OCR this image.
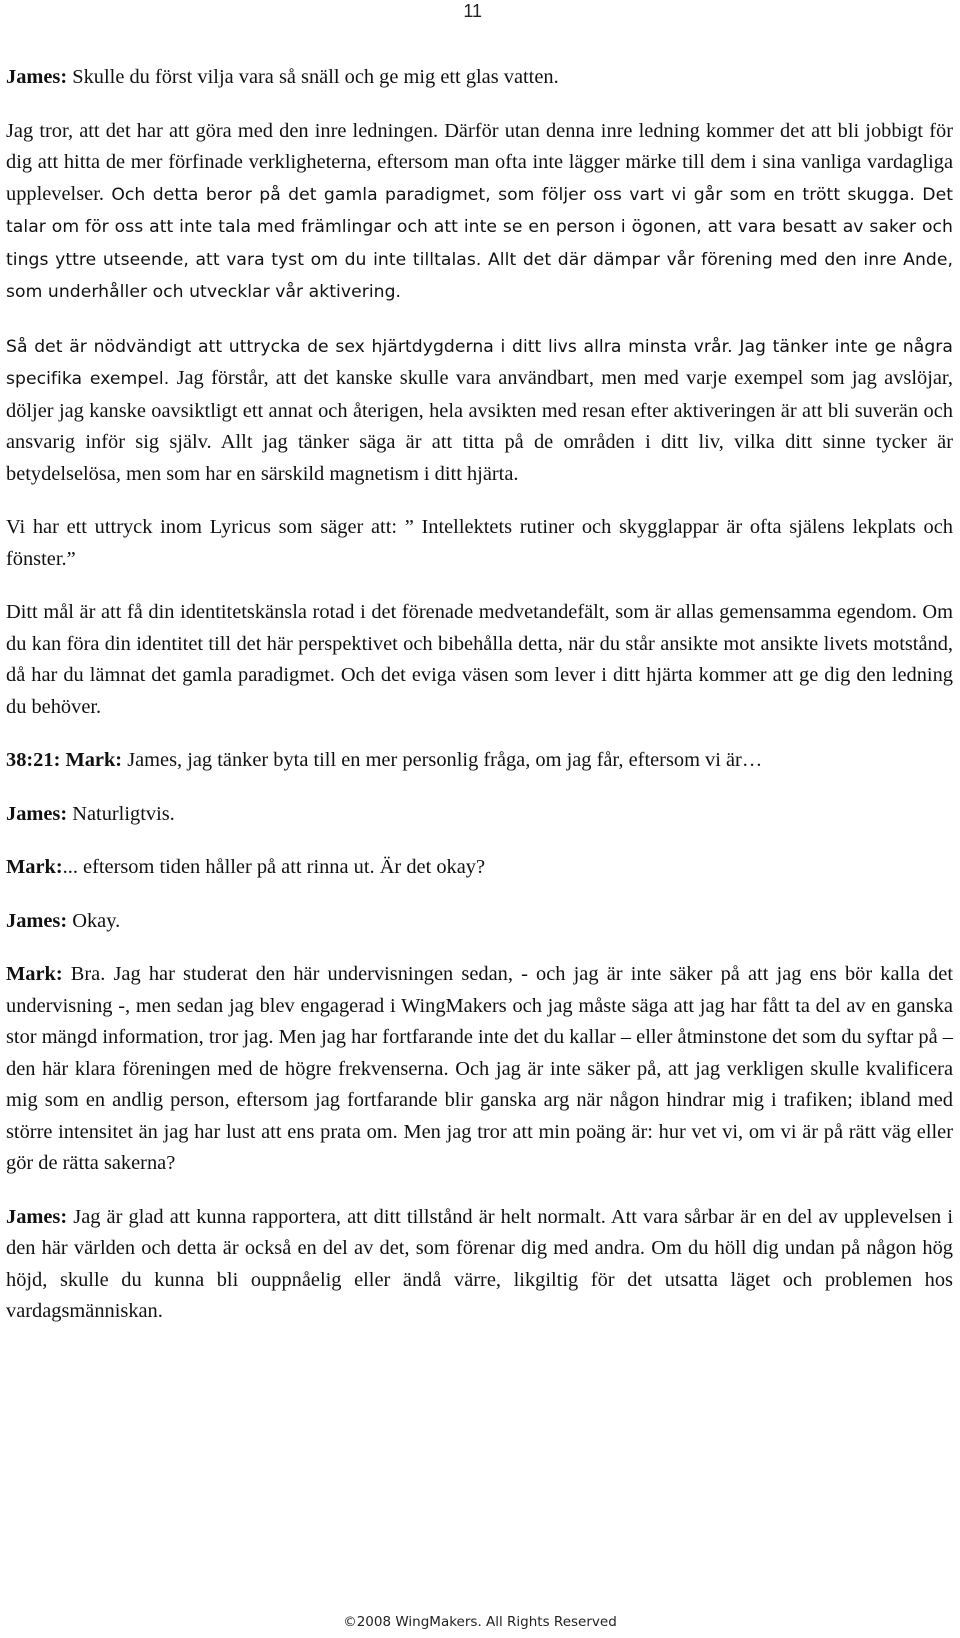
11

James: Skulle du först vilja vara så snäll och ge mig ett glas vatten.

Jag tror, att det har att göra med den inre ledningen. Därför utan denna inre ledning kommer det att bli jobbigt för dig att hitta de mer förfinade verkligheterna, eftersom man ofta inte lägger märke till dem i sina vanliga vardagliga upplevelser. Och detta beror på det gamla paradigmet, som följer oss vart vi går som en trött skugga. Det talar om för oss att inte tala med främlingar och att inte se en person i ögonen, att vara besatt av saker och tings yttre utseende, att vara tyst om du inte tilltalas. Allt det där dämpar vår förening med den inre Ande, som underhåller och utvecklar vår aktivering.

Så det är nödvändigt att uttrycka de sex hjärtdygderna i ditt livs allra minsta vrår. Jag tänker inte ge några specifika exempel. Jag förstår, att det kanske skulle vara användbart, men med varje exempel som jag avslöjar, döljer jag kanske oavsiktligt ett annat och återigen, hela avsikten med resan efter aktiveringen är att bli suverän och ansvarig inför sig själv. Allt jag tänker säga är att titta på de områden i ditt liv, vilka ditt sinne tycker är betydelselösa, men som har en särskild magnetism i ditt hjärta.

Vi har ett uttryck inom Lyricus som säger att: ” Intellektets rutiner och skygglappar är ofta själens lekplats och fönster.”

Ditt mål är att få din identitetskänsla rotad i det förenade medvetandefält, som är allas gemensamma egendom. Om du kan föra din identitet till det här perspektivet och bibehålla detta, när du står ansikte mot ansikte livets motstånd, då har du lämnat det gamla paradigmet. Och det eviga väsen som lever i ditt hjärta kommer att ge dig den ledning du behöver.

38:21: Mark: James, jag tänker byta till en mer personlig fråga, om jag får, eftersom vi är…

James: Naturligtvis.

Mark:... eftersom tiden håller på att rinna ut. Är det okay?

James: Okay.

Mark: Bra. Jag har studerat den här undervisningen sedan, - och jag är inte säker på att jag ens bör kalla det undervisning -, men sedan jag blev engagerad i WingMakers och jag måste säga att jag har fått ta del av en ganska stor mängd information, tror jag. Men jag har fortfarande inte det du kallar – eller åtminstone det som du syftar på – den här klara föreningen med de högre frekvenserna. Och jag är inte säker på, att jag verkligen skulle kvalificera mig som en andlig person, eftersom jag fortfarande blir ganska arg när någon hindrar mig i trafiken; ibland med större intensitet än jag har lust att ens prata om. Men jag tror att min poäng är: hur vet vi, om vi är på rätt väg eller gör de rätta sakerna?

James: Jag är glad att kunna rapportera, att ditt tillstånd är helt normalt. Att vara sårbar är en del av upplevelsen i den här världen och detta är också en del av det, som förenar dig med andra. Om du höll dig undan på någon hög höjd, skulle du kunna bli ouppnåelig eller ändå värre, likgiltig för det utsatta läget och problemen hos vardagsmänniskan.

©2008 WingMakers. All Rights Reserved
